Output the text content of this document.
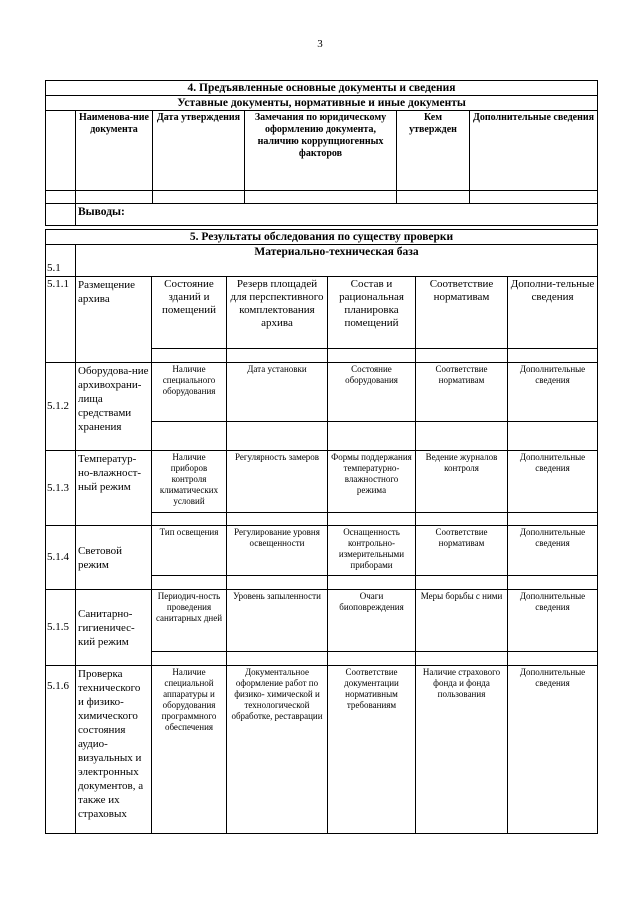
3
4. Предъявленные основные документы и сведения					
Уставные документы, нормативные и иные документы					
	Наименова-ние документа	Дата утверждения	Замечания по юридическому оформлению документа, наличию коррупциогенных факторов	Кем утвержден	Дополнительные сведения

	Выводы:				
5. Результаты обследования по существу проверки						
5.1	Материально-техническая база					
5.1.1	Размещение архива	Состояние зданий и помещений	Резерв площадей для перспективного комплектования архива	Состав и рациональная планировка помещений	Соответствие нормативам	Дополни-тельные сведения

5.1.2	Оборудова-ние архивохрани-лища средствами хранения	Наличие специального оборудования	Дата установки	Состояние оборудования	Соответствие нормативам	Дополнительные сведения

5.1.3	Температур-но-влажност-ный режим	Наличие приборов контроля климатических условий	Регулярность замеров	Формы поддержания температурно-влажностного режима	Ведение журналов контроля	Дополнительные сведения

5.1.4	Световой режим	Тип освещения	Регулирование уровня освещенности	Оснащенность контрольно-измерительными приборами	Соответствие нормативам	Дополнительные сведения

5.1.5	Санитарно-гигиеничес-кий режим	Периодич-ность проведения санитарных дней	Уровень запыленности	Очаги биоповреждения	Меры борьбы с ними	Дополнительные сведения

5.1.6	Проверка технического и физико-химического состояния аудио-визуальных и электронных документов, а также их страховых	Наличие специальной аппаратуры и оборудования программного обеспечения	Документальное оформление работ по физико- химической и технологической обработке, реставрации	Соответствие документации нормативным требованиям	Наличие страхового фонда и фонда пользования	Дополнительные сведения
